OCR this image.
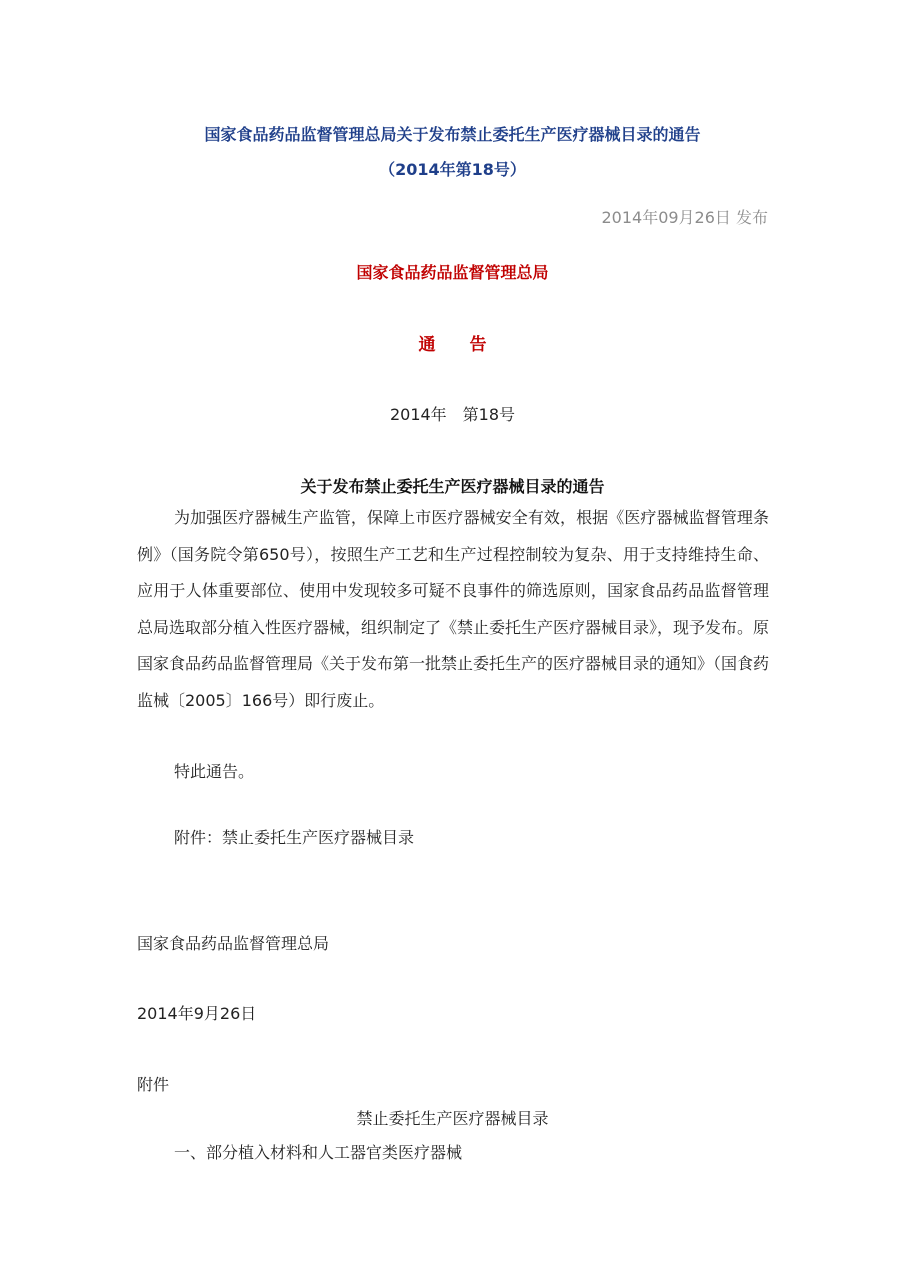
国家食品药品监督管理总局关于发布禁止委托生产医疗器械目录的通告
（2014年第18号）
2014年09月26日 发布
国家食品药品监督管理总局
通告
2014年　第18号
关于发布禁止委托生产医疗器械目录的通告
为加强医疗器械生产监管，保障上市医疗器械安全有效，根据《医疗器械监督管理条例》（国务院令第650号），按照生产工艺和生产过程控制较为复杂、用于支持维持生命、应用于人体重要部位、使用中发现较多可疑不良事件的筛选原则，国家食品药品监督管理总局选取部分植入性医疗器械，组织制定了《禁止委托生产医疗器械目录》，现予发布。原国家食品药品监督管理局《关于发布第一批禁止委托生产的医疗器械目录的通知》（国食药监械〔2005〕166号）即行废止。
特此通告。
附件：禁止委托生产医疗器械目录
国家食品药品监督管理总局
2014年9月26日
附件
禁止委托生产医疗器械目录
一、部分植入材料和人工器官类医疗器械
